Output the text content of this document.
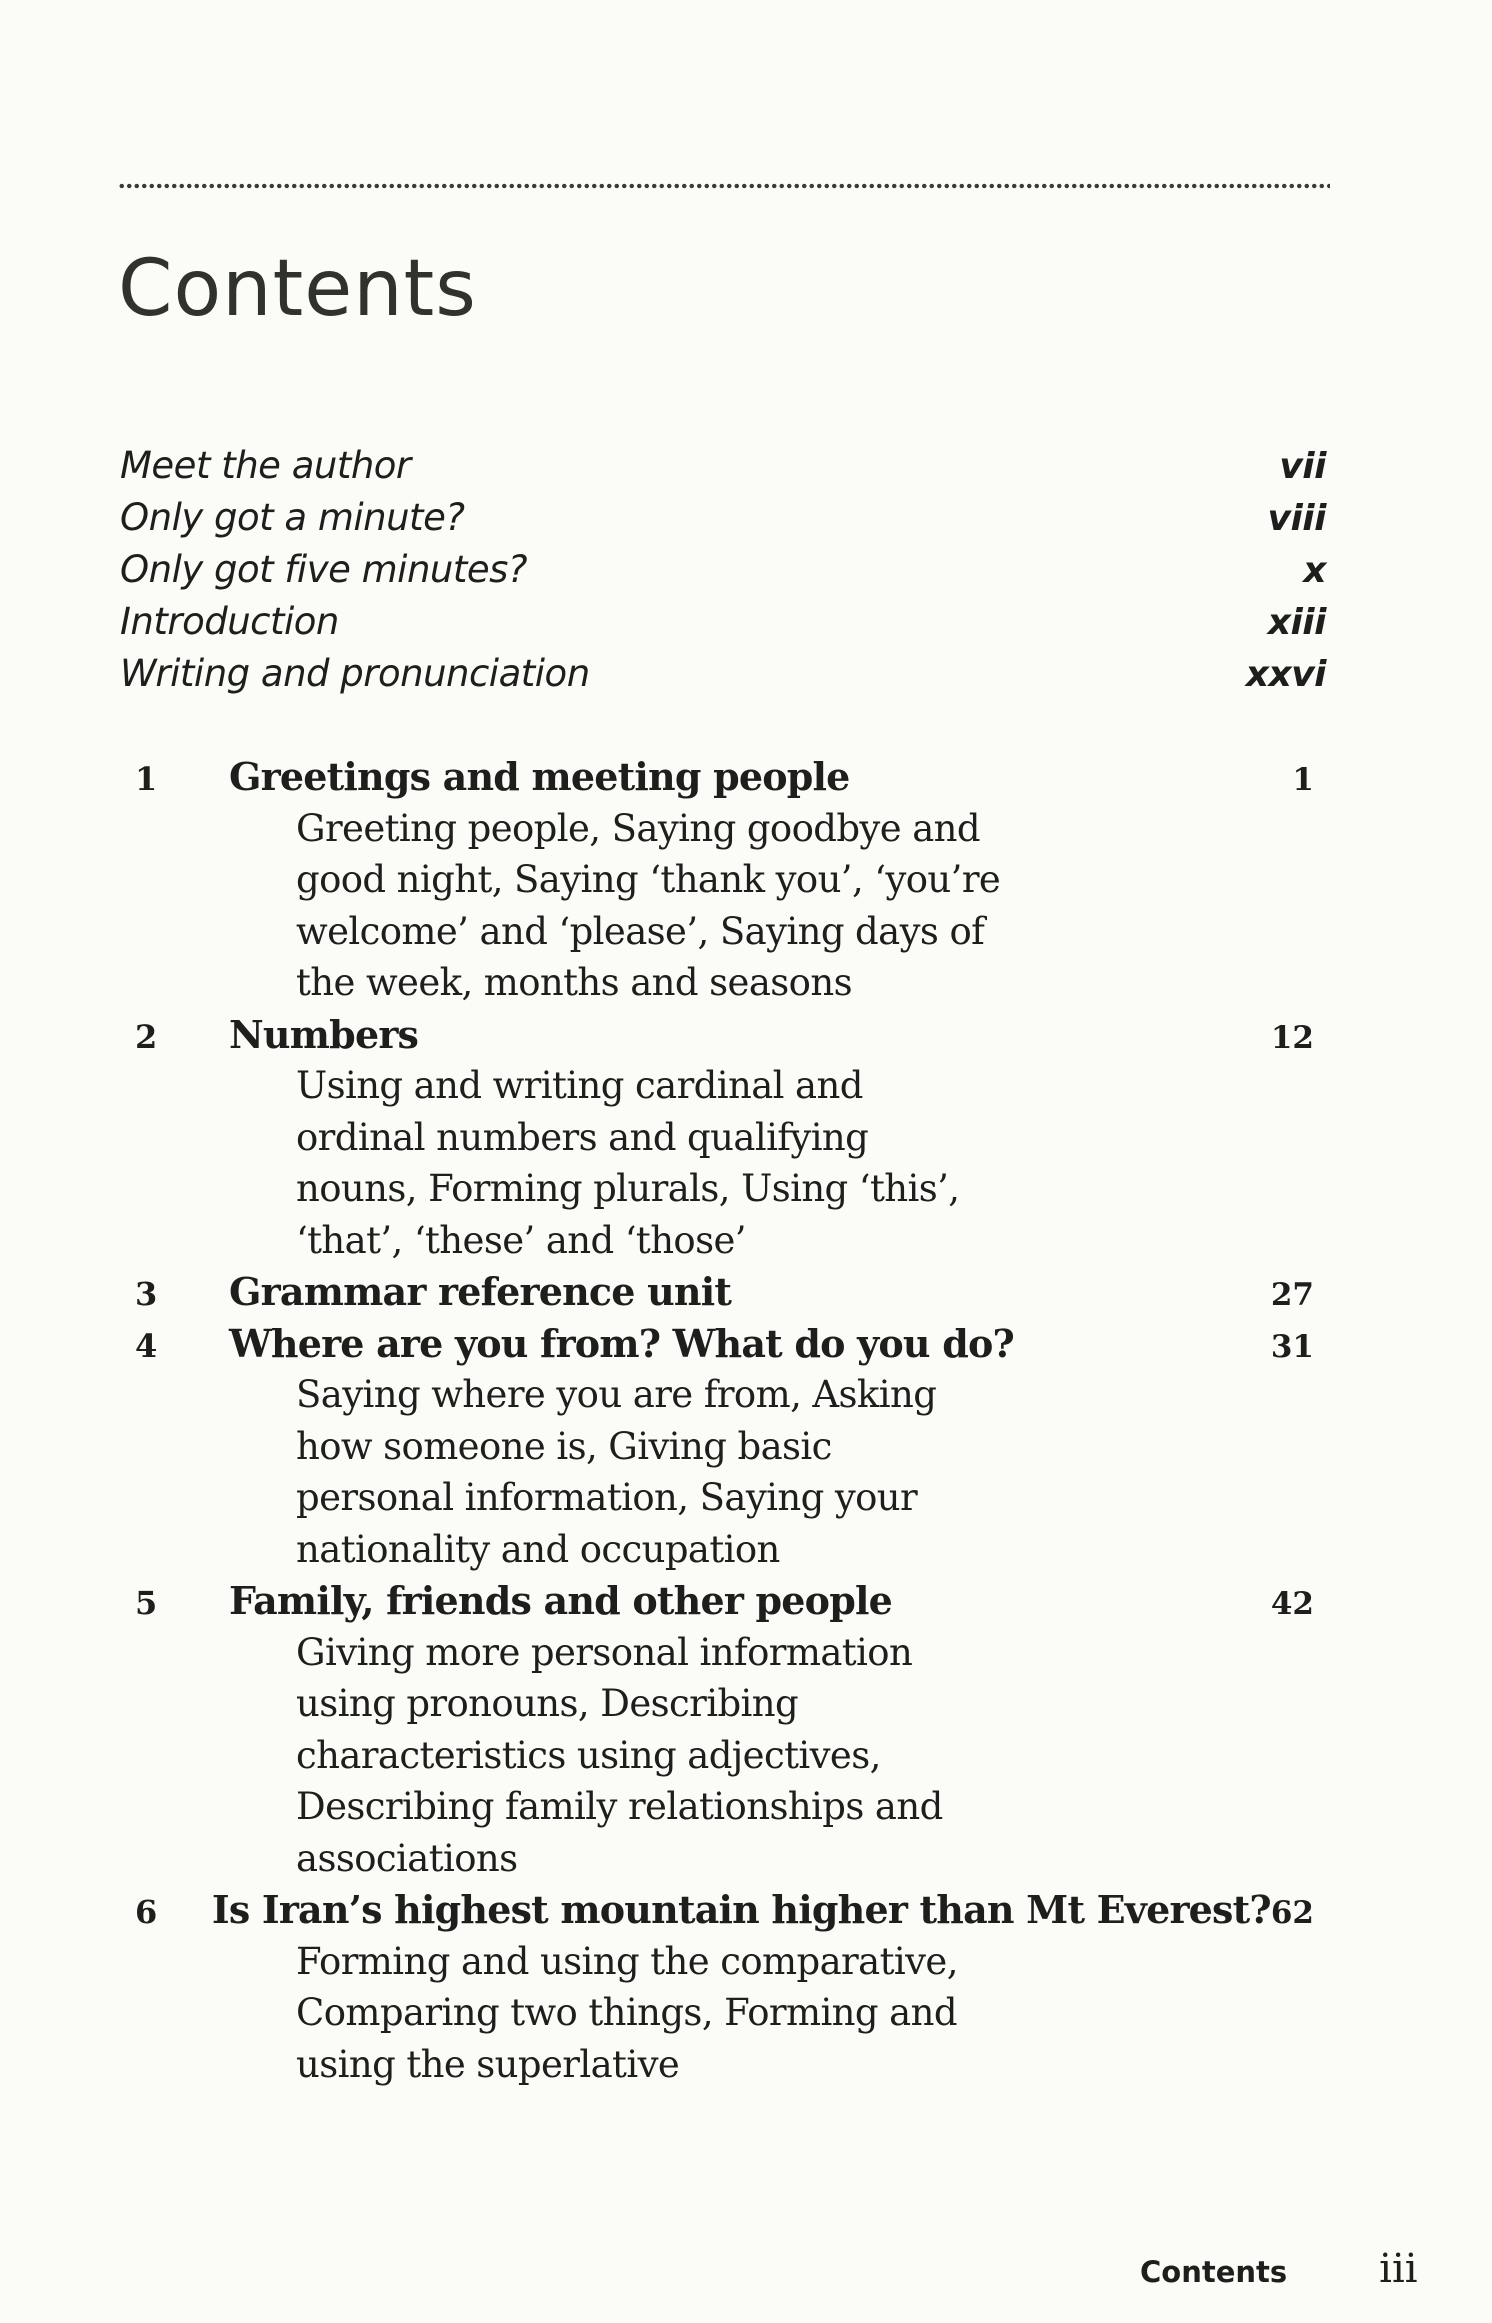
Contents
Meet the author	vii
Only got a minute?	viii
Only got five minutes?	x
Introduction	xiii
Writing and pronunciation	xxvi
1	Greetings and meeting people	1
Greeting people, Saying goodbye and
good night, Saying ‘thank you’, ‘you’re
welcome’ and ‘please’, Saying days of
the week, months and seasons
2	Numbers	12
Using and writing cardinal and
ordinal numbers and qualifying
nouns, Forming plurals, Using ‘this’,
‘that’, ‘these’ and ‘those’
3	Grammar reference unit	27
4	Where are you from? What do you do?	31
Saying where you are from, Asking
how someone is, Giving basic
personal information, Saying your
nationality and occupation
5	Family, friends and other people	42
Giving more personal information
using pronouns, Describing
characteristics using adjectives,
Describing family relationships and
associations
6	Is Iran’s highest mountain higher than Mt Everest? 62
Forming and using the comparative,
Comparing two things, Forming and
using the superlative
Contents iii
